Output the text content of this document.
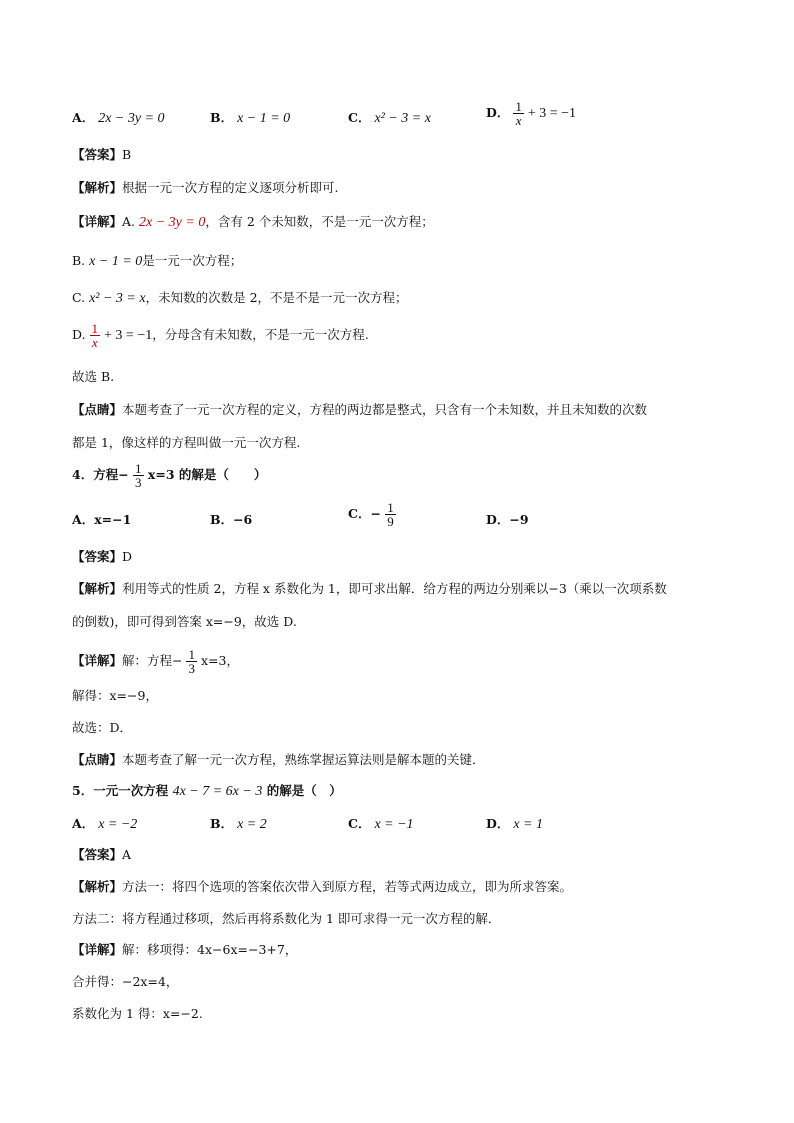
A． 2x − 3y = 0	B． x − 1 = 0	C． x² − 3 = x	D． $\frac{1}{x} + 3 = -1$
【答案】B
【解析】根据一元一次方程的定义逐项分析即可.
【详解】A. 2x − 3y = 0，含有 2 个未知数，不是一元一次方程；
B. x − 1 = 0是一元一次方程；
C. x² − 3 = x，未知数的次数是 2，不是不是一元一次方程；
D. $\frac{1}{x} + 3 = -1$，分母含有未知数，不是一元一次方程.
故选 B.
【点睛】本题考查了一元一次方程的定义，方程的两边都是整式，只含有一个未知数，并且未知数的次数
都是 1，像这样的方程叫做一元一次方程.
4．方程− $\frac{1}{3} x=3$ 的解是（　　）
A．x=−1	B．−6	C．− $\frac{1}{9}$	D．−9
【答案】D
【解析】利用等式的性质 2，方程 x 系数化为 1，即可求出解．给方程的两边分别乘以−3（乘以一次项系数
的倒数)，即可得到答案 x=−9，故选 D.
【详解】解：方程− $\frac{1}{3} x=3$，
解得：x=−9，
故选：D．
【点睛】本题考查了解一元一次方程，熟练掌握运算法则是解本题的关键．
5．一元一次方程 4x − 7 = 6x − 3 的解是（　）
A． x = −2	B． x = 2	C． x = −1	D． x = 1
【答案】A
【解析】方法一：将四个选项的答案依次带入到原方程，若等式两边成立，即为所求答案。
方法二：将方程通过移项，然后再将系数化为 1 即可求得一元一次方程的解．
【详解】解：移项得：4x−6x=−3+7，
合并得：−2x=4，
系数化为 1 得：x=−2.
